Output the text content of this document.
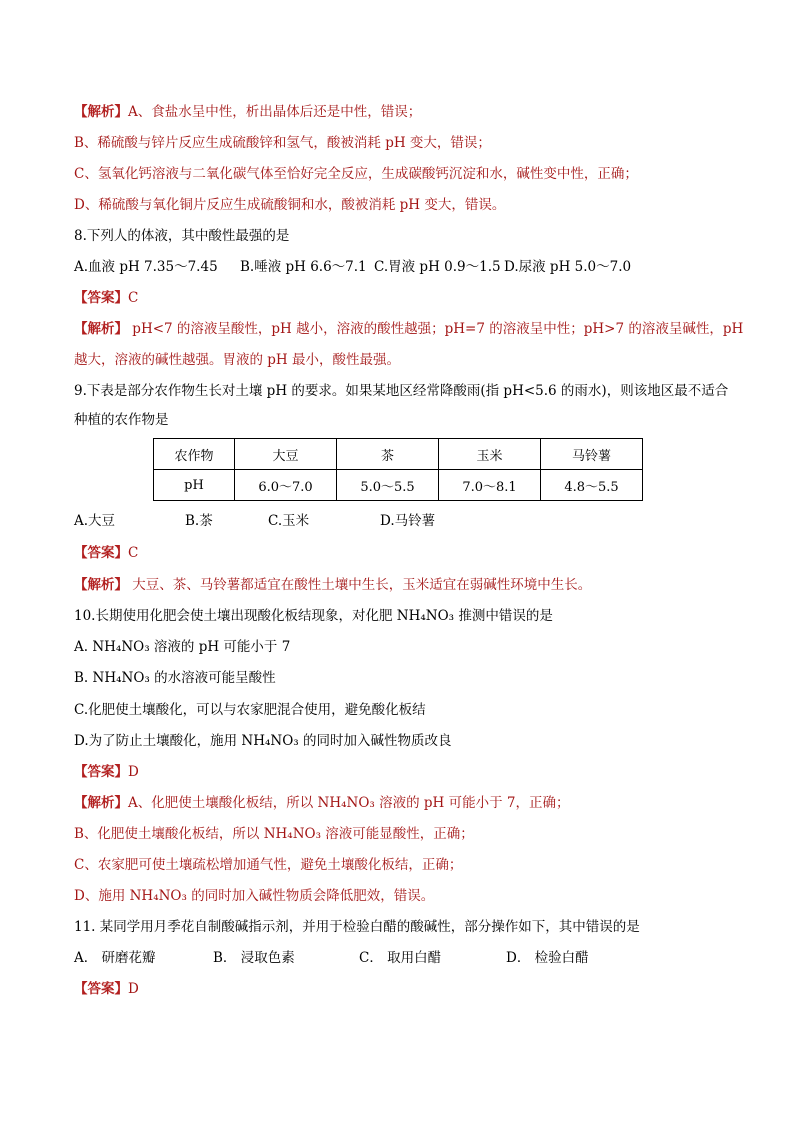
【解析】A、食盐水呈中性，析出晶体后还是中性，错误；
B、稀硫酸与锌片反应生成硫酸锌和氢气，酸被消耗 pH 变大，错误；
C、氢氧化钙溶液与二氧化碳气体至恰好完全反应，生成碳酸钙沉淀和水，碱性变中性，正确；
D、稀硫酸与氧化铜片反应生成硫酸铜和水，酸被消耗 pH 变大，错误。
8.下列人的体液，其中酸性最强的是
A.血液 pH 7.35～7.45 B.唾液 pH 6.6～7.1 C.胃液 pH 0.9～1.5 D.尿液 pH 5.0～7.0
【答案】C
【解析】 pH<7 的溶液呈酸性，pH 越小，溶液的酸性越强；pH=7 的溶液呈中性；pH>7 的溶液呈碱性，pH
越大，溶液的碱性越强。胃液的 pH 最小，酸性最强。
9.下表是部分农作物生长对土壤 pH 的要求。如果某地区经常降酸雨(指 pH<5.6 的雨水)，则该地区最不适合
种植的农作物是
农作物	大豆	茶	玉米	马铃薯
pH	6.0～7.0	5.0～5.5	7.0～8.1	4.8～5.5
A.大豆	B.茶	C.玉米	D.马铃薯
【答案】C
【解析】 大豆、茶、马铃薯都适宜在酸性土壤中生长，玉米适宜在弱碱性环境中生长。
10.长期使用化肥会使土壤出现酸化板结现象，对化肥 NH₄NO₃ 推测中错误的是
A. NH₄NO₃ 溶液的 pH 可能小于 7
B. NH₄NO₃ 的水溶液可能呈酸性
C.化肥使土壤酸化，可以与农家肥混合使用，避免酸化板结
D.为了防止土壤酸化，施用 NH₄NO₃ 的同时加入碱性物质改良
【答案】D
【解析】A、化肥使土壤酸化板结，所以 NH₄NO₃ 溶液的 pH 可能小于 7，正确；
B、化肥使土壤酸化板结，所以 NH₄NO₃ 溶液可能显酸性，正确；
C、农家肥可使土壤疏松增加通气性，避免土壤酸化板结，正确；
D、施用 NH₄NO₃ 的同时加入碱性物质会降低肥效，错误。
11. 某同学用月季花自制酸碱指示剂，并用于检验白醋的酸碱性，部分操作如下，其中错误的是
A． 研磨花瓣	B． 浸取色素	C． 取用白醋	D． 检验白醋
【答案】D
